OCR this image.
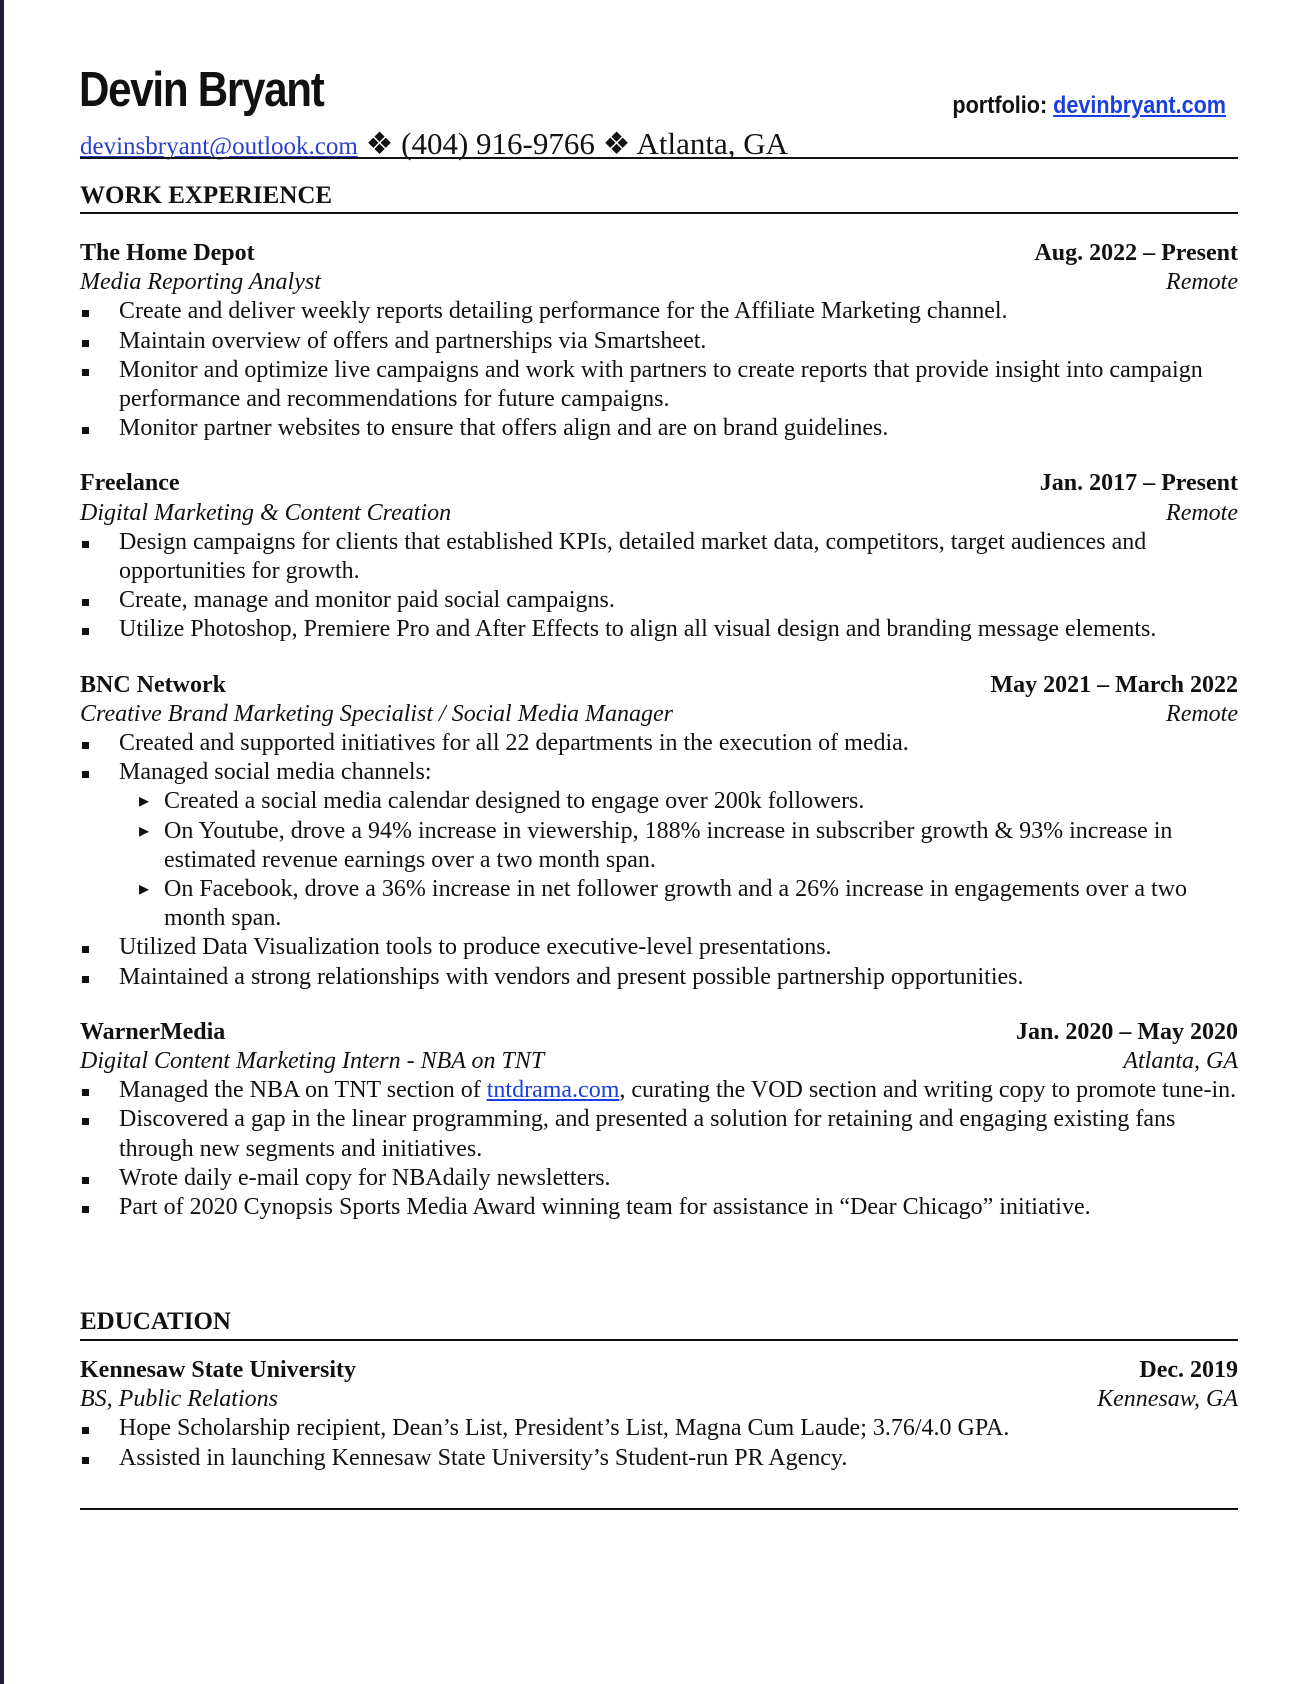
Devin Bryant	portfolio: devinbryant.com
devinsbryant@outlook.com ❖ (404) 916-9766 ❖ Atlanta, GA
WORK EXPERIENCE
The Home Depot	Aug. 2022 – Present
Media Reporting Analyst	Remote
Create and deliver weekly reports detailing performance for the Affiliate Marketing channel.
Maintain overview of offers and partnerships via Smartsheet.
Monitor and optimize live campaigns and work with partners to create reports that provide insight into campaign performance and recommendations for future campaigns.
Monitor partner websites to ensure that offers align and are on brand guidelines.
Freelance	Jan. 2017 – Present
Digital Marketing & Content Creation	Remote
Design campaigns for clients that established KPIs, detailed market data, competitors, target audiences and opportunities for growth.
Create, manage and monitor paid social campaigns.
Utilize Photoshop, Premiere Pro and After Effects to align all visual design and branding message elements.
BNC Network	May 2021 – March 2022
Creative Brand Marketing Specialist / Social Media Manager	Remote
Created and supported initiatives for all 22 departments in the execution of media.
Managed social media channels:
▸ Created a social media calendar designed to engage over 200k followers.
▸ On Youtube, drove a 94% increase in viewership, 188% increase in subscriber growth & 93% increase in estimated revenue earnings over a two month span.
▸ On Facebook, drove a 36% increase in net follower growth and a 26% increase in engagements over a two month span.
Utilized Data Visualization tools to produce executive-level presentations.
Maintained a strong relationships with vendors and present possible partnership opportunities.
WarnerMedia	Jan. 2020 – May 2020
Digital Content Marketing Intern - NBA on TNT	Atlanta, GA
Managed the NBA on TNT section of tntdrama.com, curating the VOD section and writing copy to promote tune-in.
Discovered a gap in the linear programming, and presented a solution for retaining and engaging existing fans through new segments and initiatives.
Wrote daily e-mail copy for NBAdaily newsletters.
Part of 2020 Cynopsis Sports Media Award winning team for assistance in “Dear Chicago” initiative.
EDUCATION
Kennesaw State University	Dec. 2019
BS, Public Relations	Kennesaw, GA
Hope Scholarship recipient, Dean’s List, President’s List, Magna Cum Laude; 3.76/4.0 GPA.
Assisted in launching Kennesaw State University’s Student-run PR Agency.
